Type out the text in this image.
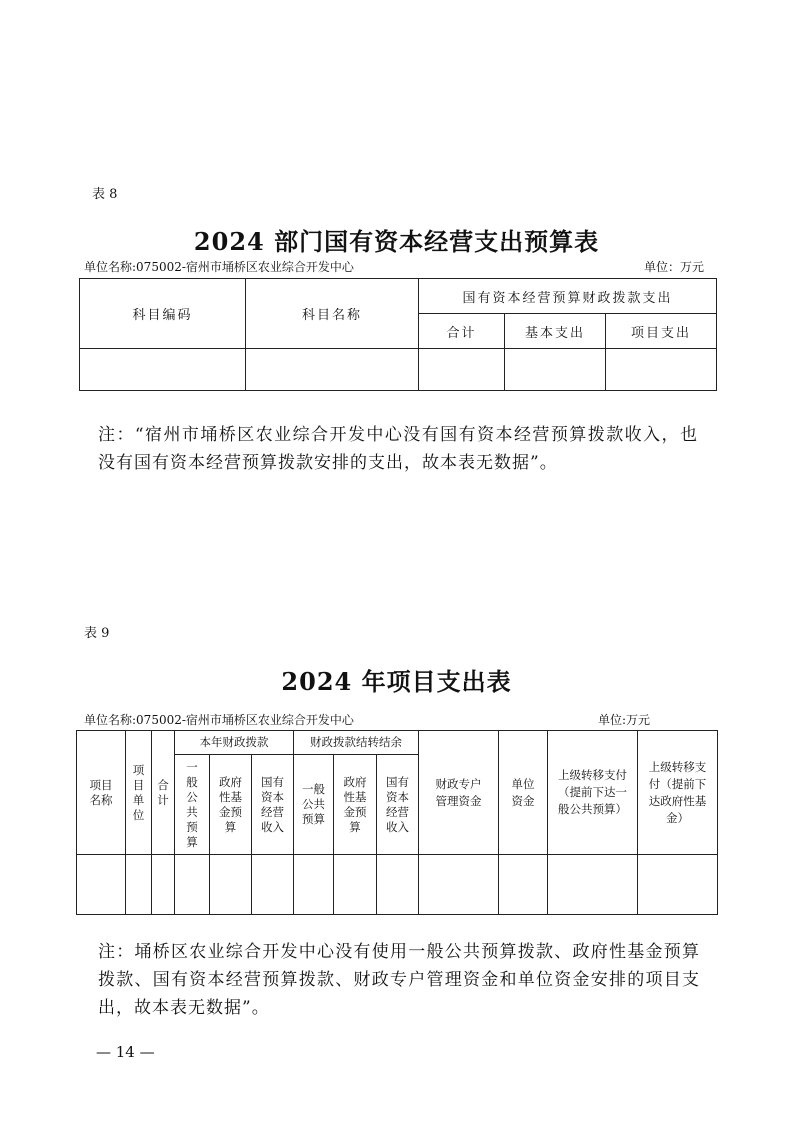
表 8
2024 部门国有资本经营支出预算表
单位名称:075002-宿州市埇桥区农业综合开发中心	单位：万元
科目编码	科目名称	国有资本经营预算财政拨款支出		
		合计	基本支出	项目支出

注：“宿州市埇桥区农业综合开发中心没有国有资本经营预算拨款收入，也没有国有资本经营预算拨款安排的支出，故本表无数据”。
表 9
2024 年项目支出表
单位名称:075002-宿州市埇桥区农业综合开发中心	单位:万元
项目名称	项目单位	合计	本年财政拨款			财政拨款结转结余			财政专户管理资金	单位资金	上级转移支付（提前下达一般公共预算）	上级转移支付（提前下达政府性基金）

			一般公共预算	政府性基金预算	国有资本经营收入	一般公共预算	政府性基金预算	国有资本经营收入				

注：埇桥区农业综合开发中心没有使用一般公共预算拨款、政府性基金预算拨款、国有资本经营预算拨款、财政专户管理资金和单位资金安排的项目支出，故本表无数据”。
— 14 —
